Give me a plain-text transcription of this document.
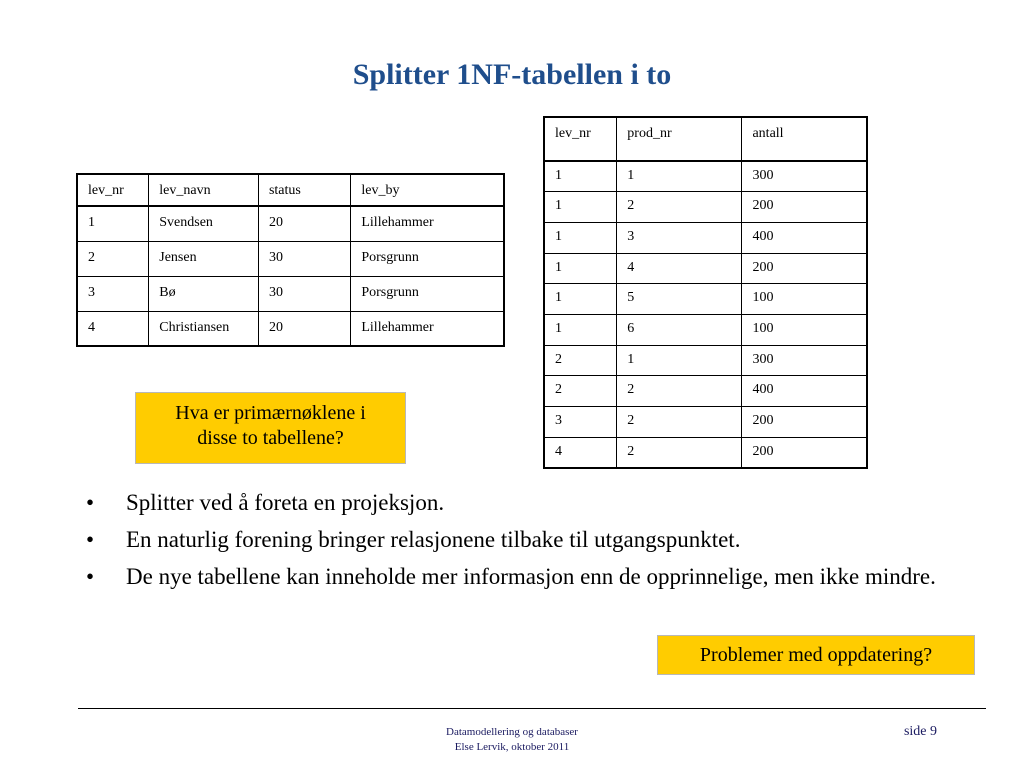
Splitter 1NF-tabellen i to
lev_nr	lev_navn	status	lev_by
1	Svendsen	20	Lillehammer
2	Jensen	30	Porsgrunn
3	Bø	30	Porsgrunn
4	Christiansen	20	Lillehammer
lev_nr	prod_nr	antall
1	1	300
1	2	200
1	3	400
1	4	200
1	5	100
1	6	100
2	1	300
2	2	400
3	2	200
4	2	200
Hva er primærnøklene i
disse to tabellene?
• Splitter ved å foreta en projeksjon.
• En naturlig forening bringer relasjonene tilbake til utgangspunktet.
• De nye tabellene kan inneholde mer informasjon enn de opprinnelige, men ikke mindre.
Problemer med oppdatering?
Datamodellering og databaser
Else Lervik, oktober 2011
side 9
